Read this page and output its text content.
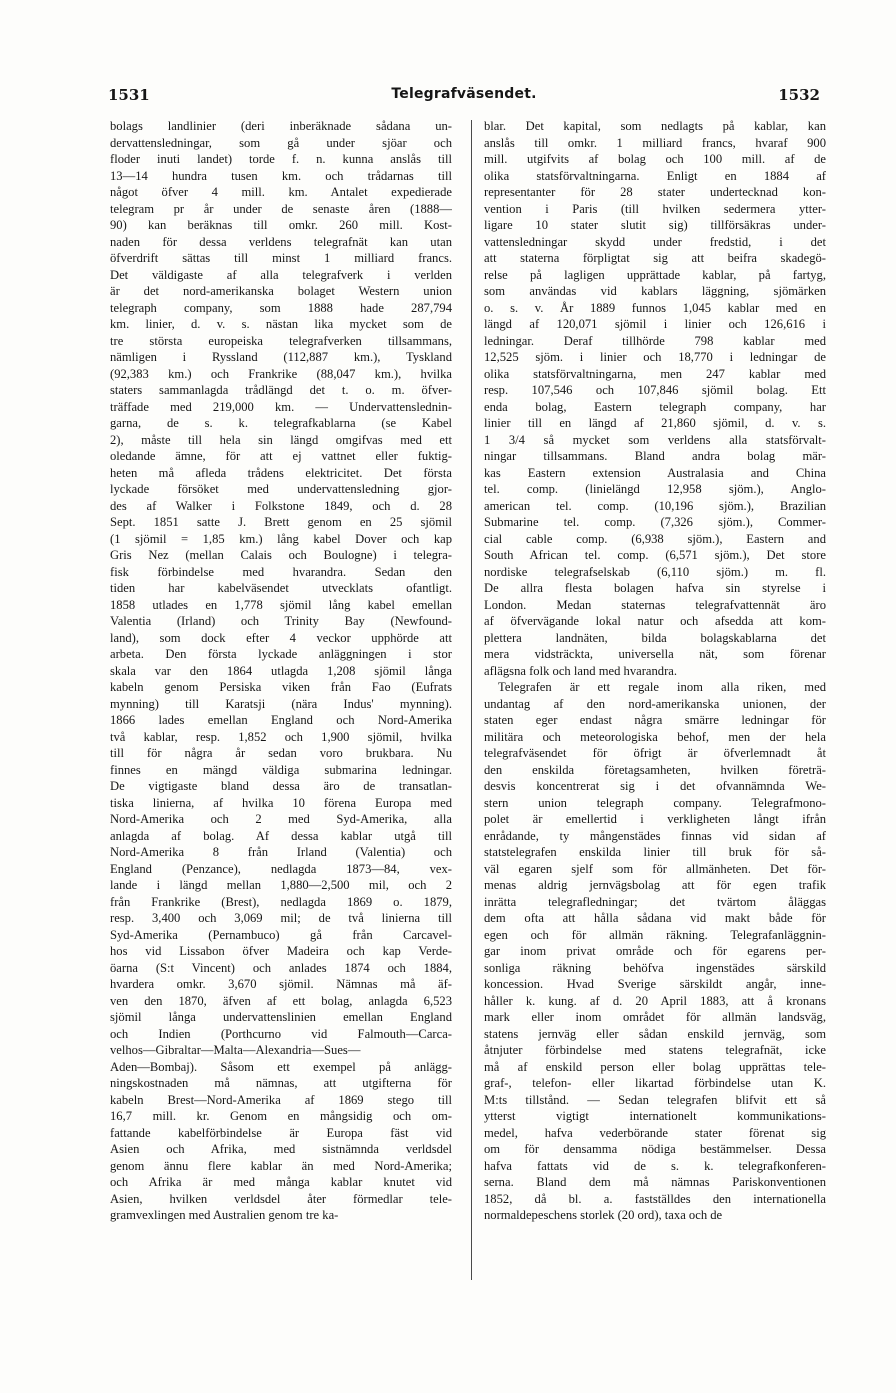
1531	Telegrafväsendet.	1532
bolags landlinier (deri inberäknade sådana un-
dervattensledningar, som gå under sjöar och
floder inuti landet) torde f. n. kunna anslås till
13—14 hundra tusen km. och trådarnas till
något öfver 4 mill. km. Antalet expedierade
telegram pr år under de senaste åren (1888—
90) kan beräknas till omkr. 260 mill. Kost-
naden för dessa verldens telegrafnät kan utan
öfverdrift sättas till minst 1 milliard francs.
Det väldigaste af alla telegrafverk i verlden
är det nord-amerikanska bolaget Western union
telegraph company, som 1888 hade 287,794
km. linier, d. v. s. nästan lika mycket som de
tre största europeiska telegrafverken tillsammans,
nämligen i Ryssland (112,887 km.), Tyskland
(92,383 km.) och Frankrike (88,047 km.), hvilka
staters sammanlagda trådlängd det t. o. m. öfver-
träffade med 219,000 km. — Undervattenslednin-
garna, de s. k. telegrafkablarna (se Kabel
2), måste till hela sin längd omgifvas med ett
oledande ämne, för att ej vattnet eller fuktig-
heten må afleda trådens elektricitet. Det första
lyckade försöket med undervattensledning gjor-
des af Walker i Folkstone 1849, och d. 28
Sept. 1851 satte J. Brett genom en 25 sjömil
(1 sjömil = 1,85 km.) lång kabel Dover och kap
Gris Nez (mellan Calais och Boulogne) i telegra-
fisk förbindelse med hvarandra. Sedan den
tiden har kabelväsendet utvecklats ofantligt.
1858 utlades en 1,778 sjömil lång kabel emellan
Valentia (Irland) och Trinity Bay (Newfound-
land), som dock efter 4 veckor upphörde att
arbeta. Den första lyckade anläggningen i stor
skala var den 1864 utlagda 1,208 sjömil långa
kabeln genom Persiska viken från Fao (Eufrats
mynning) till Karatsji (nära Indus' mynning).
1866 lades emellan England och Nord-Amerika
två kablar, resp. 1,852 och 1,900 sjömil, hvilka
till för några år sedan voro brukbara. Nu
finnes en mängd väldiga submarina ledningar.
De vigtigaste bland dessa äro de transatlan-
tiska linierna, af hvilka 10 förena Europa med
Nord-Amerika och 2 med Syd-Amerika, alla
anlagda af bolag. Af dessa kablar utgå till
Nord-Amerika 8 från Irland (Valentia) och
England (Penzance), nedlagda 1873—84, vex-
lande i längd mellan 1,880—2,500 mil, och 2
från Frankrike (Brest), nedlagda 1869 o. 1879,
resp. 3,400 och 3,069 mil; de två linierna till
Syd-Amerika (Pernambuco) gå från Carcavel-
hos vid Lissabon öfver Madeira och kap Verde-
öarna (S:t Vincent) och anlades 1874 och 1884,
hvardera omkr. 3,670 sjömil. Nämnas må äf-
ven den 1870, äfven af ett bolag, anlagda 6,523
sjömil långa undervattenslinien emellan England
och Indien (Porthcurno vid Falmouth—Carca-
velhos—Gibraltar—Malta—Alexandria—Sues—
Aden—Bombaj). Såsom ett exempel på anlägg-
ningskostnaden må nämnas, att utgifterna för
kabeln Brest—Nord-Amerika af 1869 stego till
16,7 mill. kr. Genom en mångsidig och om-
fattande kabelförbindelse är Europa fäst vid
Asien och Afrika, med sistnämnda verldsdel
genom ännu flere kablar än med Nord-Amerika;
och Afrika är med många kablar knutet vid
Asien, hvilken verldsdel åter förmedlar tele-
gramvexlingen med Australien genom tre ka-
blar. Det kapital, som nedlagts på kablar, kan
anslås till omkr. 1 milliard francs, hvaraf 900
mill. utgifvits af bolag och 100 mill. af de
olika statsförvaltningarna. Enligt en 1884 af
representanter för 28 stater undertecknad kon-
vention i Paris (till hvilken sedermera ytter-
ligare 10 stater slutit sig) tillförsäkras under-
vattensledningar skydd under fredstid, i det
att staterna förpligtat sig att beifra skadegö-
relse på lagligen upprättade kablar, på fartyg,
som användas vid kablars läggning, sjömärken
o. s. v. År 1889 funnos 1,045 kablar med en
längd af 120,071 sjömil i linier och 126,616 i
ledningar. Deraf tillhörde 798 kablar med
12,525 sjöm. i linier och 18,770 i ledningar de
olika statsförvaltningarna, men 247 kablar med
resp. 107,546 och 107,846 sjömil bolag. Ett
enda bolag, Eastern telegraph company, har
linier till en längd af 21,860 sjömil, d. v. s.
1 3/4 så mycket som verldens alla statsförvalt-
ningar tillsammans. Bland andra bolag mär-
kas Eastern extension Australasia and China
tel. comp. (linielängd 12,958 sjöm.), Anglo-
american tel. comp. (10,196 sjöm.), Brazilian
Submarine tel. comp. (7,326 sjöm.), Commer-
cial cable comp. (6,938 sjöm.), Eastern and
South African tel. comp. (6,571 sjöm.), Det store
nordiske telegrafselskab (6,110 sjöm.) m. fl.
De allra flesta bolagen hafva sin styrelse i
London. Medan staternas telegrafvattennät äro
af öfvervägande lokal natur och afsedda att kom-
plettera landnäten, bilda bolagskablarna det
mera vidsträckta, universella nät, som förenar
aflägsna folk och land med hvarandra.
Telegrafen är ett regale inom alla riken, med
undantag af den nord-amerikanska unionen, der
staten eger endast några smärre ledningar för
militära och meteorologiska behof, men der hela
telegrafväsendet för öfrigt är öfverlemnadt åt
den enskilda företagsamheten, hvilken företrä-
desvis koncentrerat sig i det ofvannämnda We-
stern union telegraph company. Telegrafmono-
polet är emellertid i verkligheten långt ifrån
enrådande, ty mångenstädes finnas vid sidan af
statstelegrafen enskilda linier till bruk för så-
väl egaren sjelf som för allmänheten. Det för-
menas aldrig jernvägsbolag att för egen trafik
inrätta telegrafledningar; det tvärtom åläggas
dem ofta att hålla sådana vid makt både för
egen och för allmän räkning. Telegrafanläggnin-
gar inom privat område och för egarens per-
sonliga räkning behöfva ingenstädes särskild
koncession. Hvad Sverige särskildt angår, inne-
håller k. kung. af d. 20 April 1883, att å kronans
mark eller inom området för allmän landsväg,
statens jernväg eller sådan enskild jernväg, som
åtnjuter förbindelse med statens telegrafnät, icke
må af enskild person eller bolag upprättas tele-
graf-, telefon- eller likartad förbindelse utan K.
M:ts tillstånd. — Sedan telegrafen blifvit ett så
ytterst vigtigt internationelt kommunikations-
medel, hafva vederbörande stater förenat sig
om för densamma nödiga bestämmelser. Dessa
hafva fattats vid de s. k. telegrafkonferen-
serna. Bland dem må nämnas Pariskonventionen
1852, då bl. a. fastställdes den internationella
normaldepeschens storlek (20 ord), taxa och de
